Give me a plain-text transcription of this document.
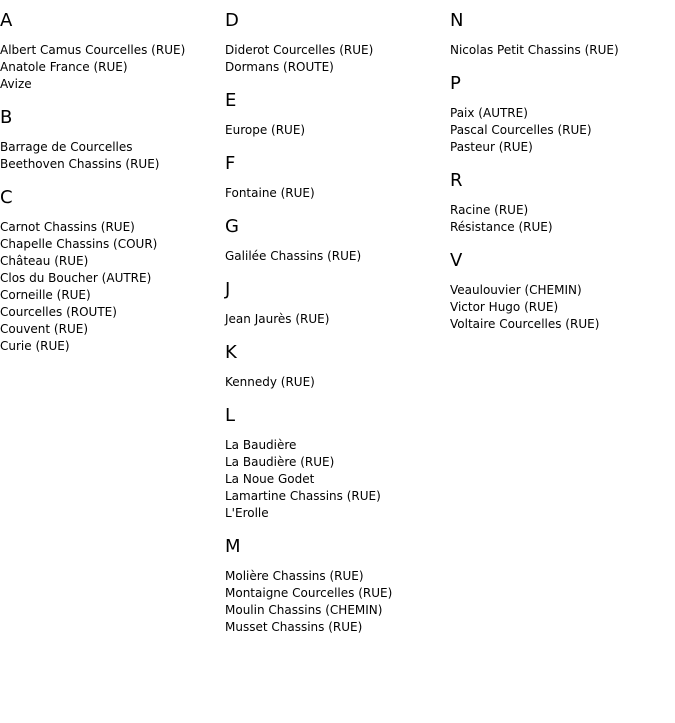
A
Albert Camus Courcelles (RUE)
Anatole France (RUE)
Avize
B
Barrage de Courcelles
Beethoven Chassins (RUE)
C
Carnot Chassins (RUE)
Chapelle Chassins (COUR)
Château (RUE)
Clos du Boucher (AUTRE)
Corneille (RUE)
Courcelles (ROUTE)
Couvent (RUE)
Curie (RUE)
D
Diderot Courcelles (RUE)
Dormans (ROUTE)
E
Europe (RUE)
F
Fontaine (RUE)
G
Galilée Chassins (RUE)
J
Jean Jaurès (RUE)
K
Kennedy (RUE)
L
La Baudière
La Baudière (RUE)
La Noue Godet
Lamartine Chassins (RUE)
L'Erolle
M
Molière Chassins (RUE)
Montaigne Courcelles (RUE)
Moulin Chassins (CHEMIN)
Musset Chassins (RUE)
N
Nicolas Petit Chassins (RUE)
P
Paix (AUTRE)
Pascal Courcelles (RUE)
Pasteur (RUE)
R
Racine (RUE)
Résistance (RUE)
V
Veaulouvier (CHEMIN)
Victor Hugo (RUE)
Voltaire Courcelles (RUE)
